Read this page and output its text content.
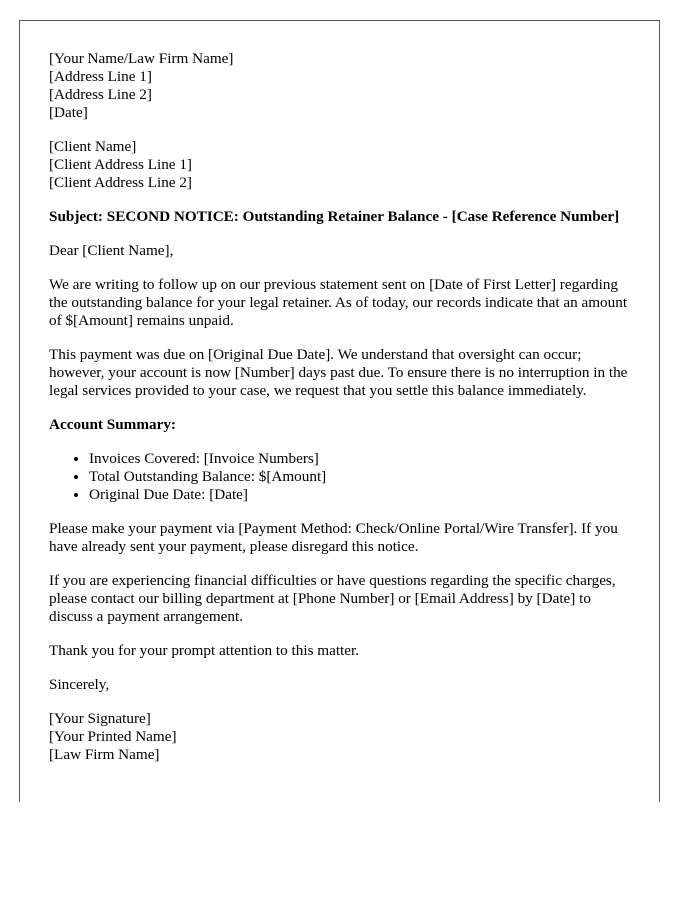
[Your Name/Law Firm Name]
[Address Line 1]
[Address Line 2]
[Date]
[Client Name]
[Client Address Line 1]
[Client Address Line 2]

Subject: SECOND NOTICE: Outstanding Retainer Balance - [Case Reference Number]

Dear [Client Name],

We are writing to follow up on our previous statement sent on [Date of First Letter] regarding the outstanding balance for your legal retainer. As of today, our records indicate that an amount of $[Amount] remains unpaid.

This payment was due on [Original Due Date]. We understand that oversight can occur; however, your account is now [Number] days past due. To ensure there is no interruption in the legal services provided to your case, we request that you settle this balance immediately.

Account Summary:

• Invoices Covered: [Invoice Numbers]
• Total Outstanding Balance: $[Amount]
• Original Due Date: [Date]

Please make your payment via [Payment Method: Check/Online Portal/Wire Transfer]. If you have already sent your payment, please disregard this notice.

If you are experiencing financial difficulties or have questions regarding the specific charges, please contact our billing department at [Phone Number] or [Email Address] by [Date] to discuss a payment arrangement.

Thank you for your prompt attention to this matter.

Sincerely,

[Your Signature]
[Your Printed Name]
[Law Firm Name]
